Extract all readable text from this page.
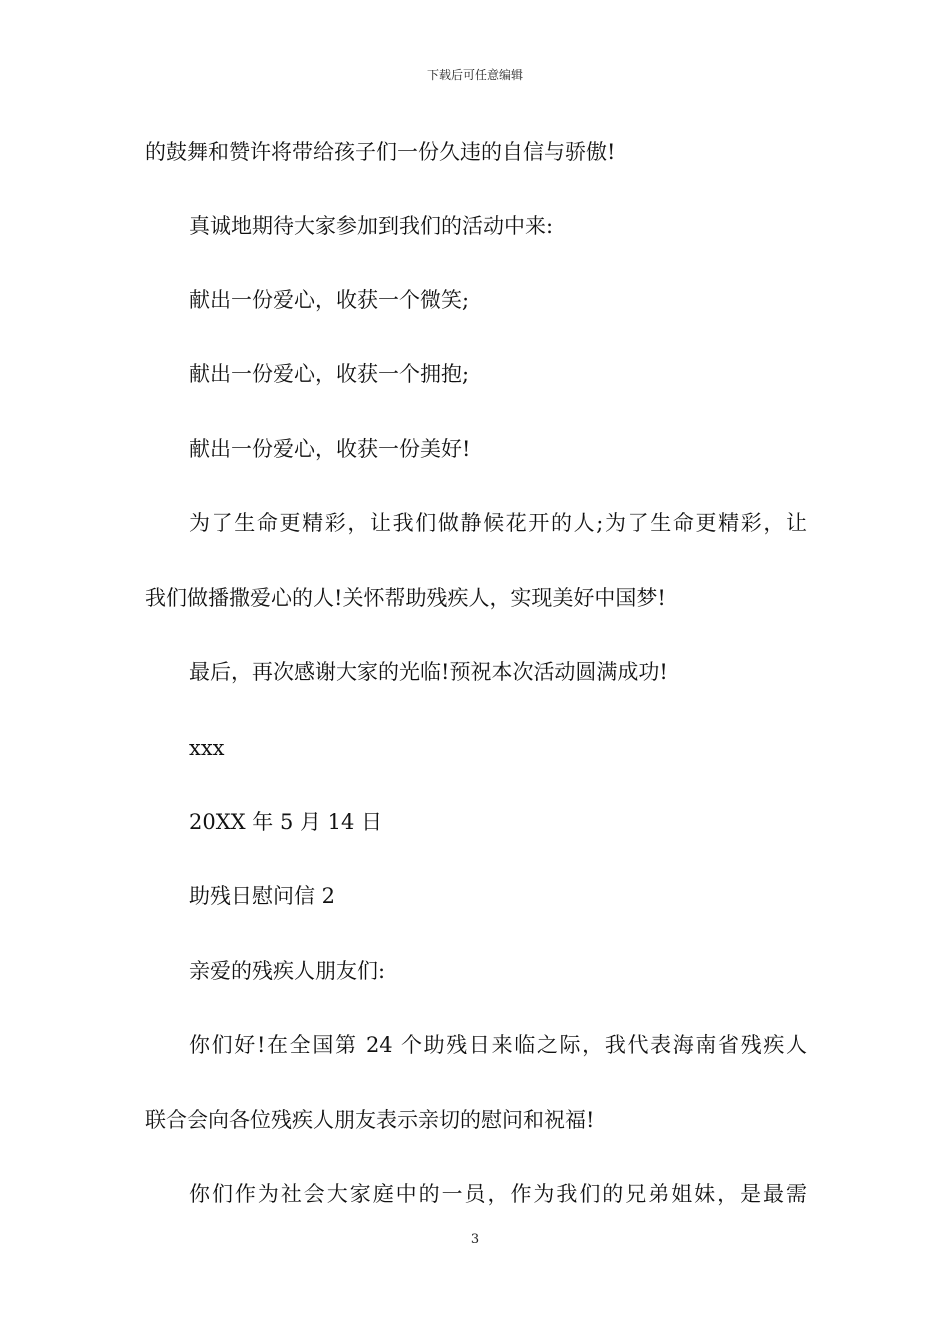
下载后可任意编辑
的鼓舞和赞许将带给孩子们一份久违的自信与骄傲!
真诚地期待大家参加到我们的活动中来:
献出一份爱心，收获一个微笑;
献出一份爱心，收获一个拥抱;
献出一份爱心，收获一份美好!
为了生命更精彩，让我们做静候花开的人;为了生命更精彩，让
我们做播撒爱心的人!关怀帮助残疾人，实现美好中国梦!
最后，再次感谢大家的光临!预祝本次活动圆满成功!
xxx
20XX 年 5 月 14 日
助残日慰问信 2
亲爱的残疾人朋友们:
你们好!在全国第 24 个助残日来临之际，我代表海南省残疾人
联合会向各位残疾人朋友表示亲切的慰问和祝福!
你们作为社会大家庭中的一员，作为我们的兄弟姐妹，是最需
3
